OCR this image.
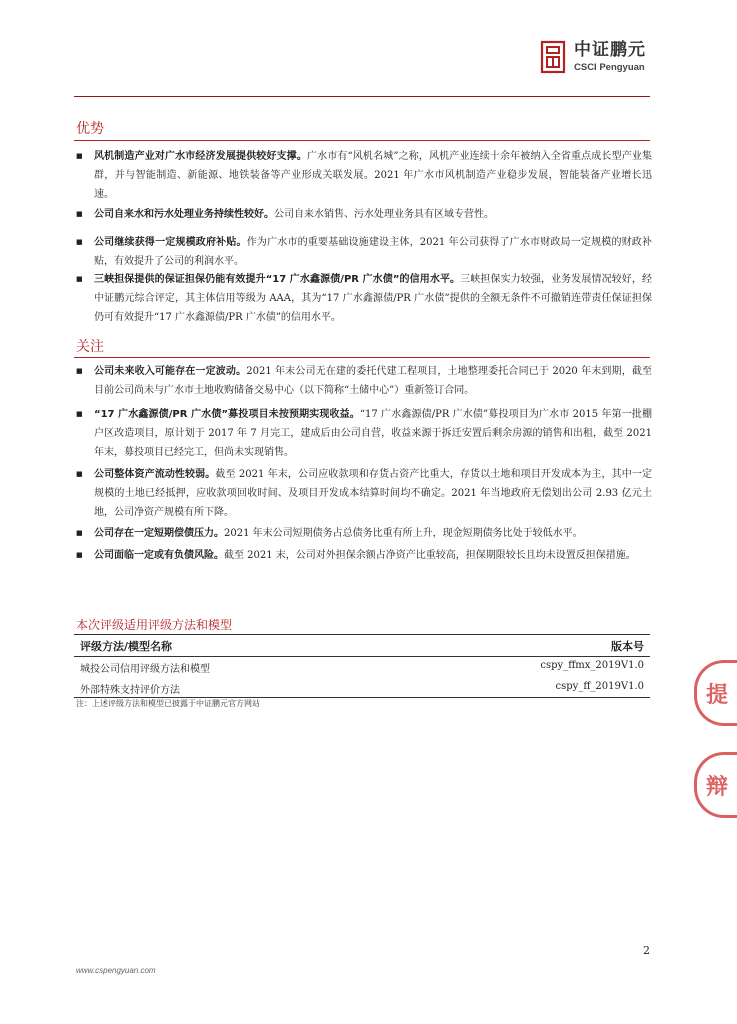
中证鹏元
CSCI Pengyuan
优势
■	风机制造产业对广水市经济发展提供较好支撑。广水市有“风机名城”之称，风机产业连续十余年被纳入全省重点成长型产业集群，并与智能制造、新能源、地铁装备等产业形成关联发展。2021 年广水市风机制造产业稳步发展，智能装备产业增长迅速。
■	公司自来水和污水处理业务持续性较好。公司自来水销售、污水处理业务具有区域专营性。
■	公司继续获得一定规模政府补贴。作为广水市的重要基础设施建设主体，2021 年公司获得了广水市财政局一定规模的财政补贴，有效提升了公司的利润水平。
■	三峡担保提供的保证担保仍能有效提升“17 广水鑫源债/PR 广水债”的信用水平。三峡担保实力较强，业务发展情况较好，经中证鹏元综合评定，其主体信用等级为 AAA，其为“17 广水鑫源债/PR 广水债”提供的全额无条件不可撤销连带责任保证担保仍可有效提升“17 广水鑫源债/PR 广水债”的信用水平。
关注
■	公司未来收入可能存在一定波动。2021 年末公司无在建的委托代建工程项目，土地整理委托合同已于 2020 年末到期，截至目前公司尚未与广水市土地收购储备交易中心（以下简称“土储中心”）重新签订合同。
■	“17 广水鑫源债/PR 广水债”募投项目未按预期实现收益。“17 广水鑫源债/PR 广水债”募投项目为广水市 2015 年第一批棚户区改造项目，原计划于 2017 年 7 月完工，建成后由公司自营，收益来源于拆迁安置后剩余房源的销售和出租，截至 2021 年末，募投项目已经完工，但尚未实现销售。
■	公司整体资产流动性较弱。截至 2021 年末，公司应收款项和存货占资产比重大，存货以土地和项目开发成本为主，其中一定规模的土地已经抵押，应收款项回收时间、及项目开发成本结算时间均不确定。2021 年当地政府无偿划出公司 2.93 亿元土地，公司净资产规模有所下降。
■	公司存在一定短期偿债压力。2021 年末公司短期债务占总债务比重有所上升，现金短期债务比处于较低水平。
■	公司面临一定或有负债风险。截至 2021 末，公司对外担保余额占净资产比重较高，担保期限较长且均未设置反担保措施。
本次评级适用评级方法和模型
评级方法/模型名称	版本号
城投公司信用评级方法和模型	cspy_ffmx_2019V1.0
外部特殊支持评价方法	cspy_ff_2019V1.0
注：上述评级方法和模型已披露于中证鹏元官方网站	提
辩
2
www.cspengyuan.com
